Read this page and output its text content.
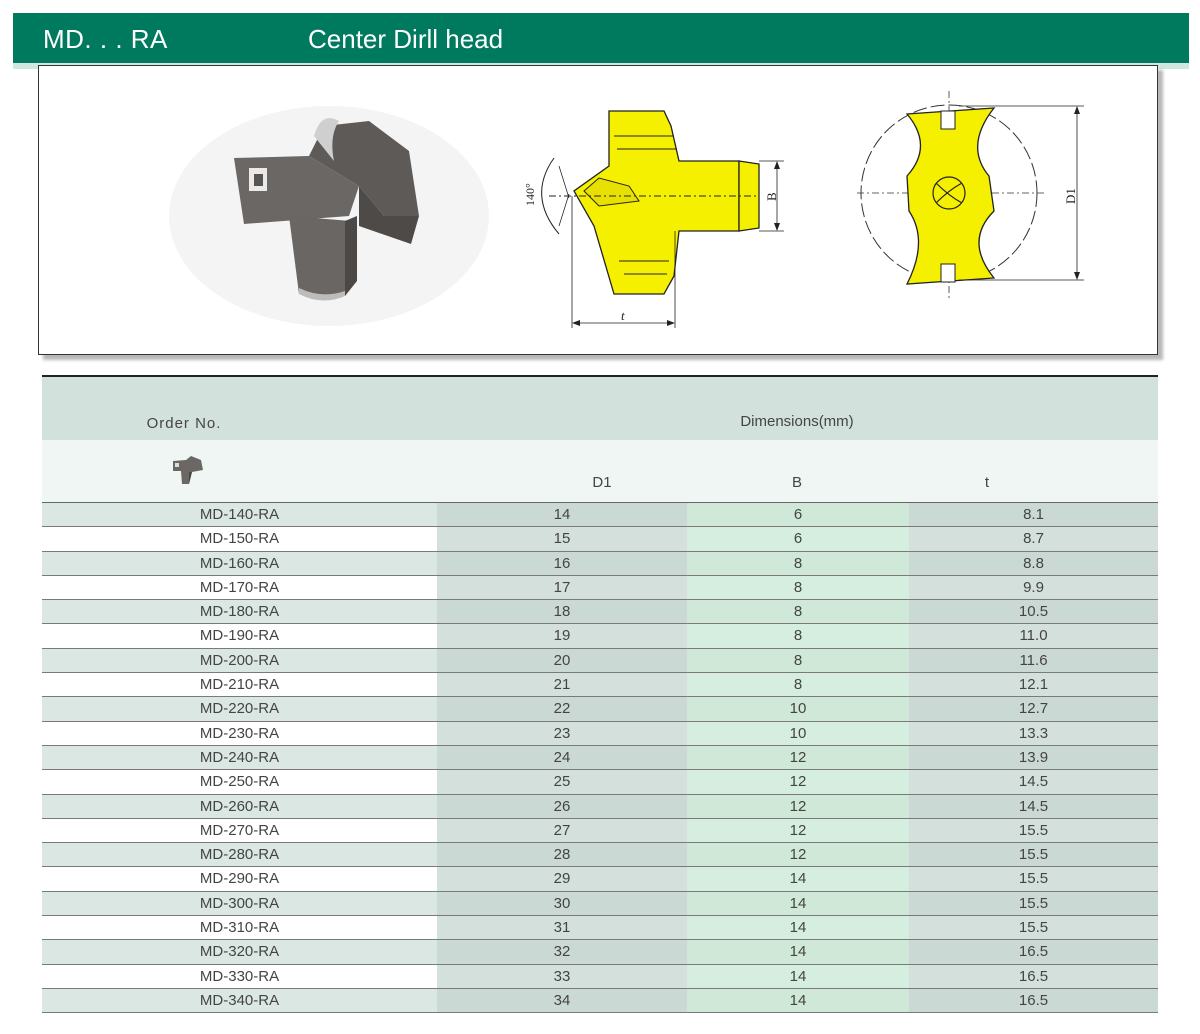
MD. . . RA	Center Dirll head
140°	B
t
D1
Order No.	Dimensions(mm)
D1	B	t
MD-140-RA	14	6	8.1
MD-150-RA	15	6	8.7
MD-160-RA	16	8	8.8
MD-170-RA	17	8	9.9
MD-180-RA	18	8	10.5
MD-190-RA	19	8	11.0
MD-200-RA	20	8	11.6
MD-210-RA	21	8	12.1
MD-220-RA	22	10	12.7
MD-230-RA	23	10	13.3
MD-240-RA	24	12	13.9
MD-250-RA	25	12	14.5
MD-260-RA	26	12	14.5
MD-270-RA	27	12	15.5
MD-280-RA	28	12	15.5
MD-290-RA	29	14	15.5
MD-300-RA	30	14	15.5
MD-310-RA	31	14	15.5
MD-320-RA	32	14	16.5
MD-330-RA	33	14	16.5
MD-340-RA	34	14	16.5
